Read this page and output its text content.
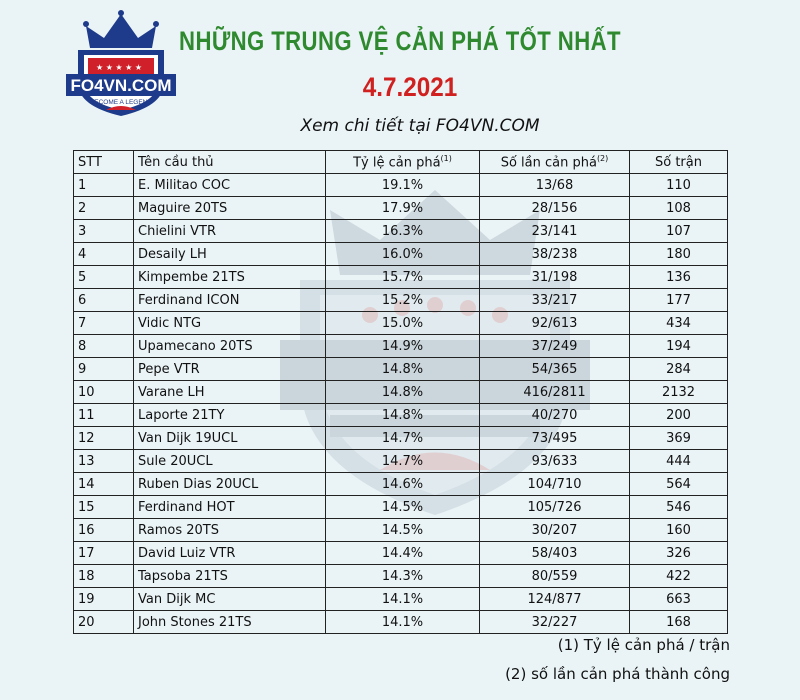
★ ★ ★ ★ ★
FO4VN.COM
BECOME A LEGEND
NHỮNG TRUNG VỆ CẢN PHÁ TỐT NHẤT
4.7.2021
Xem chi tiết tại FO4VN.COM
STT	Tên cầu thủ	Tỷ lệ cản phá$^{(1)}$	Số lần cản phá$^{(2)}$	Số trận
1	E. Militao COC	19.1%	13/68	110
2	Maguire 20TS	17.9%	28/156	108
3	Chielini VTR	16.3%	23/141	107
4	Desaily LH	16.0%	38/238	180
5	Kimpembe 21TS	15.7%	31/198	136
6	Ferdinand ICON	15.2%	33/217	177
7	Vidic NTG	15.0%	92/613	434
8	Upamecano 20TS	14.9%	37/249	194
9	Pepe VTR	14.8%	54/365	284
10	Varane LH	14.8%	416/2811	2132
11	Laporte 21TY	14.8%	40/270	200
12	Van Dijk 19UCL	14.7%	73/495	369
13	Sule 20UCL	14.7%	93/633	444
14	Ruben Dias 20UCL	14.6%	104/710	564
15	Ferdinand HOT	14.5%	105/726	546
16	Ramos 20TS	14.5%	30/207	160
17	David Luiz VTR	14.4%	58/403	326
18	Tapsoba 21TS	14.3%	80/559	422
19	Van Dijk MC	14.1%	124/877	663
20	John Stones 21TS	14.1%	32/227	168
(1) Tỷ lệ cản phá / trận
(2) số lần cản phá thành công
